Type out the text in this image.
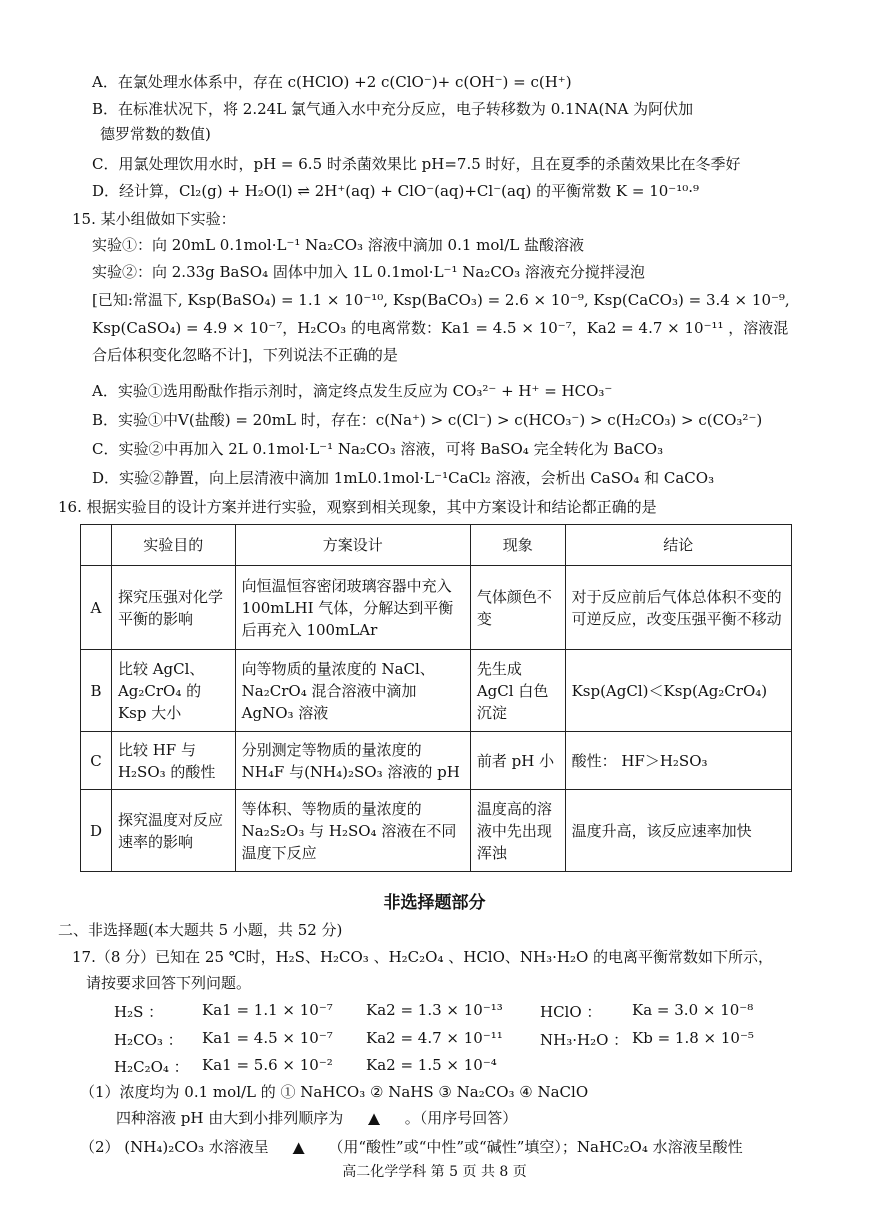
A．在氯处理水体系中，存在 c(HClO) +2 c(ClO⁻)+ c(OH⁻) = c(H⁺)
B．在标准状况下，将 2.24L 氯气通入水中充分反应，电子转移数为 0.1NA(NA 为阿伏加
德罗常数的数值)
C．用氯处理饮用水时，pH = 6.5 时杀菌效果比 pH=7.5 时好，且在夏季的杀菌效果比在冬季好
D．经计算，Cl₂(g) + H₂O(l) ⇌ 2H⁺(aq) + ClO⁻(aq)+Cl⁻(aq) 的平衡常数 K = 10⁻¹⁰·⁹
15. 某小组做如下实验：
实验①：向 20mL 0.1mol·L⁻¹ Na₂CO₃ 溶液中滴加 0.1 mol/L 盐酸溶液
实验②：向 2.33g BaSO₄ 固体中加入 1L 0.1mol·L⁻¹ Na₂CO₃ 溶液充分搅拌浸泡
[已知:常温下, Ksp(BaSO₄) = 1.1 × 10⁻¹⁰, Ksp(BaCO₃) = 2.6 × 10⁻⁹, Ksp(CaCO₃) = 3.4 × 10⁻⁹,
Ksp(CaSO₄) = 4.9 × 10⁻⁷，H₂CO₃ 的电离常数：Ka1 = 4.5 × 10⁻⁷，Ka2 = 4.7 × 10⁻¹¹ ，溶液混
合后体积变化忽略不计]，下列说法不正确的是
A．实验①选用酚酞作指示剂时，滴定终点发生反应为 CO₃²⁻ + H⁺ = HCO₃⁻
B．实验①中V(盐酸) = 20mL 时，存在：c(Na⁺) > c(Cl⁻) > c(HCO₃⁻) > c(H₂CO₃) > c(CO₃²⁻)
C．实验②中再加入 2L 0.1mol·L⁻¹ Na₂CO₃ 溶液，可将 BaSO₄ 完全转化为 BaCO₃
D．实验②静置，向上层清液中滴加 1mL0.1mol·L⁻¹CaCl₂ 溶液，会析出 CaSO₄ 和 CaCO₃
16. 根据实验目的设计方案并进行实验，观察到相关现象，其中方案设计和结论都正确的是
	实验目的	方案设计	现象	结论
A	探究压强对化学平衡的影响	向恒温恒容密闭玻璃容器中充入 100mLHI 气体，分解达到平衡后再充入 100mLAr	气体颜色不变	对于反应前后气体总体积不变的可逆反应，改变压强平衡不移动
B	比较 AgCl、Ag₂CrO₄ 的 Ksp 大小	向等物质的量浓度的 NaCl、Na₂CrO₄ 混合溶液中滴加 AgNO₃ 溶液	先生成 AgCl 白色沉淀	Ksp(AgCl)＜Ksp(Ag₂CrO₄)
C	比较 HF 与 H₂SO₃ 的酸性	分别测定等物质的量浓度的 NH₄F 与(NH₄)₂SO₃ 溶液的 pH	前者 pH 小	酸性： HF＞H₂SO₃
D	探究温度对反应速率的影响	等体积、等物质的量浓度的 Na₂S₂O₃ 与 H₂SO₄ 溶液在不同温度下反应	温度高的溶液中先出现浑浊	温度升高，该反应速率加快
非选择题部分
二、非选择题(本大题共 5 小题，共 52 分)
17.（8 分）已知在 25 ℃时，H₂S、H₂CO₃ 、H₂C₂O₄ 、HClO、NH₃·H₂O 的电离平衡常数如下所示，
请按要求回答下列问题。
H₂S ：	Ka1 = 1.1 × 10⁻⁷ Ka2 = 1.3 × 10⁻¹³ HClO ： Ka = 3.0 × 10⁻⁸
H₂CO₃ ： Ka1 = 4.5 × 10⁻⁷ Ka2 = 4.7 × 10⁻¹¹ NH₃·H₂O ： Kb = 1.8 × 10⁻⁵
H₂C₂O₄ ： Ka1 = 5.6 × 10⁻² Ka2 = 1.5 × 10⁻⁴
（1）浓度均为 0.1 mol/L 的 ① NaHCO₃ ② NaHS ③ Na₂CO₃ ④ NaClO
四种溶液 pH 由大到小排列顺序为 ▲ 。（用序号回答）
（2） (NH₄)₂CO₃ 水溶液呈 ▲ （用“酸性”或“中性”或“碱性”填空）；NaHC₂O₄ 水溶液呈酸性
高二化学学科 第 5 页 共 8 页
